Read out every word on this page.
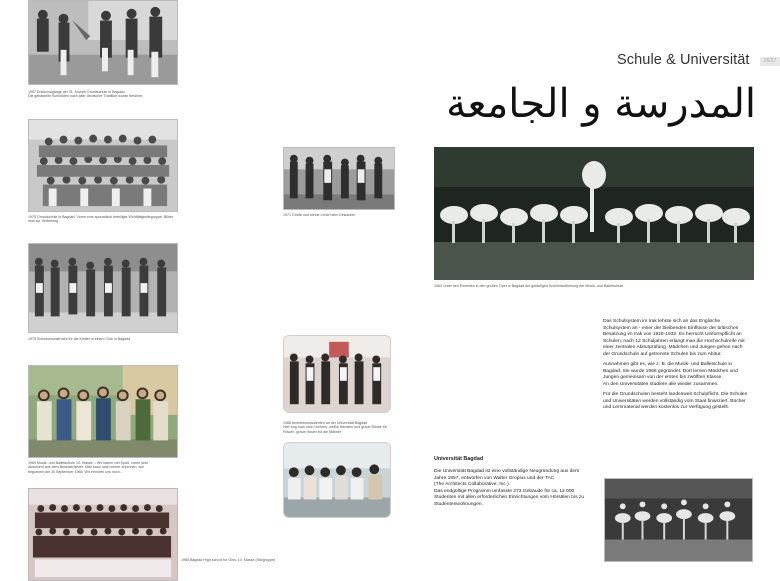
Schule & Universität	26/27
المدرسة و الجامعة
1957 Erstschulgänge der St. Joseph Grundschule in Bagdad.
Die gebastelte Schultüten nach alter deutscher Tradition wurde berühmt.
1975 Grundschule in Bagdad. Vorne eine sporadisch beteiligte Wohltätigkeitsgruppe, Bilder sind zur Vertretung
1975 Schwimmunterricht für die Kinder in einem Club in Bagdad
1969 Musik- und Balletschule 10. Klasse – Wir haben viel Spaß, vorne sind
Absolvent aus dem Besetzerfahrer. Man kann noch immer erkennen, wie
begonnen am 30 September 1968. Wir erinnern uns noch...
1965 Bagdad High school for Girls. 10. Klasse (Sitzgruppe)
1971 Große und kleine Leute beim Einkaufen
1968 Architekturstudenten an der Universität Bagdad
Hier trug man noch Uniform, weiße Hemden und graue Röcke für
Frauen, graue Hosen für die Männer
1963 Unter den Einheiten in den großen Oper in Bagdad der geläufigen Schüleraufführung der Musik- und Balletschule

Das Schulsystem im Irak lehnte sich an das Englische
Schulsystem an - einer der bleibenden Einflüsse der britischen
Besatzung im Irak von 1918-1932. Es herrscht Uniformpflicht an
Schulen; nach 12 Schuljahren erlangt man die Hochschulreife mit
einer zentralen Abiturprüfung. Mädchen und Jungen gehen nach
der Grundschule auf getrennte Schulen bis zum Abitur.

Ausnahmen gibt es, wie z. B. die Musik- und Balletschule in
Bagdad. Sie wurde 1968 gegründet. Dort lernen Mädchen und
Jungen gemeinsam von der ersten bis zwölften Klasse.
An den Universitäten studiere alle wieder zusammen.

Für die Grundschulen besteht landesweit Schulpflicht. Die Schulen
und Universitäten werden vollständig vom Staat finanziert. Bücher
und Lernmaterial werden kostenlos zur Verfügung gestellt.

Universität Bagdad

Die Universität Bagdad ist eine vollständige Neugründung aus dem
Jahre 1957, entworfen von Walter Gropius und der TAC
(The Architects Collaborative, Inc.).
Das endgültige Programm umfasste 273 Gebäude für ca. 12.000
Studenten mit allen erforderlichen Einrichtungen vom Hörsälen bis zu
Studentenwohnungen.
